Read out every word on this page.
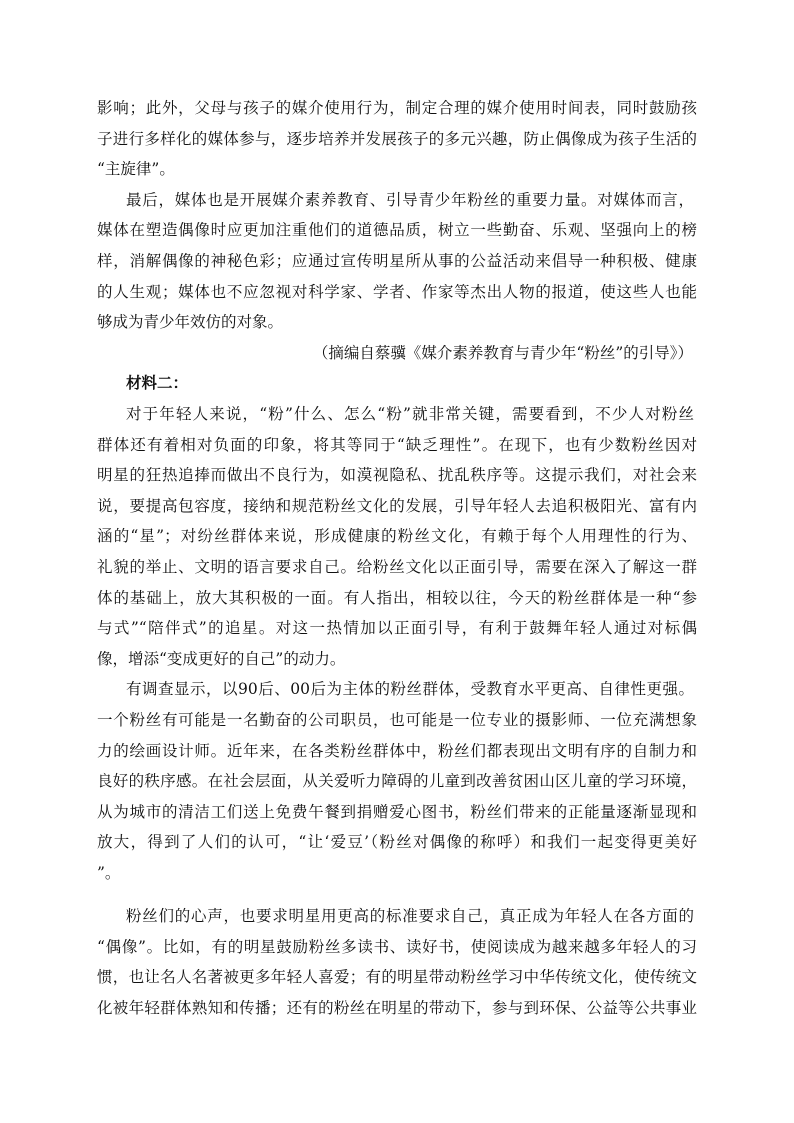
影响；此外，父母与孩子的媒介使用行为，制定合理的媒介使用时间表，同时鼓励孩
子进行多样化的媒体参与，逐步培养并发展孩子的多元兴趣，防止偶像成为孩子生活的
“主旋律”。
最后，媒体也是开展媒介素养教育、引导青少年粉丝的重要力量。对媒体而言，
媒体在塑造偶像时应更加注重他们的道德品质，树立一些勤奋、乐观、坚强向上的榜
样，消解偶像的神秘色彩；应通过宣传明星所从事的公益活动来倡导一种积极、健康
的人生观；媒体也不应忽视对科学家、学者、作家等杰出人物的报道，使这些人也能
够成为青少年效仿的对象。
（摘编自蔡骥《媒介素养教育与青少年“粉丝”的引导》）
材料二：
对于年轻人来说，“粉”什么、怎么“粉”就非常关键，需要看到，不少人对粉丝
群体还有着相对负面的印象，将其等同于“缺乏理性”。在现下，也有少数粉丝因对
明星的狂热追捧而做出不良行为，如漠视隐私、扰乱秩序等。这提示我们，对社会来
说，要提高包容度，接纳和规范粉丝文化的发展，引导年轻人去追积极阳光、富有内
涵的“星”；对纷丝群体来说，形成健康的粉丝文化，有赖于每个人用理性的行为、
礼貌的举止、文明的语言要求自己。给粉丝文化以正面引导，需要在深入了解这一群
体的基础上，放大其积极的一面。有人指出，相较以往，今天的粉丝群体是一种“参
与式”“陪伴式”的追星。对这一热情加以正面引导，有利于鼓舞年轻人通过对标偶
像，增添“变成更好的自己”的动力。
有调查显示，以90后、00后为主体的粉丝群体，受教育水平更高、自律性更强。
一个粉丝有可能是一名勤奋的公司职员，也可能是一位专业的摄影师、一位充满想象
力的绘画设计师。近年来，在各类粉丝群体中，粉丝们都表现出文明有序的自制力和
良好的秩序感。在社会层面，从关爱听力障碍的儿童到改善贫困山区儿童的学习环境，
从为城市的清洁工们送上免费午餐到捐赠爱心图书，粉丝们带来的正能量逐渐显现和
放大，得到了人们的认可，“让‘爱豆’（粉丝对偶像的称呼）和我们一起变得更美好
”。
粉丝们的心声，也要求明星用更高的标准要求自己，真正成为年轻人在各方面的
“偶像”。比如，有的明星鼓励粉丝多读书、读好书，使阅读成为越来越多年轻人的习
惯，也让名人名著被更多年轻人喜爱；有的明星带动粉丝学习中华传统文化，使传统文
化被年轻群体熟知和传播；还有的粉丝在明星的带动下，参与到环保、公益等公共事业
